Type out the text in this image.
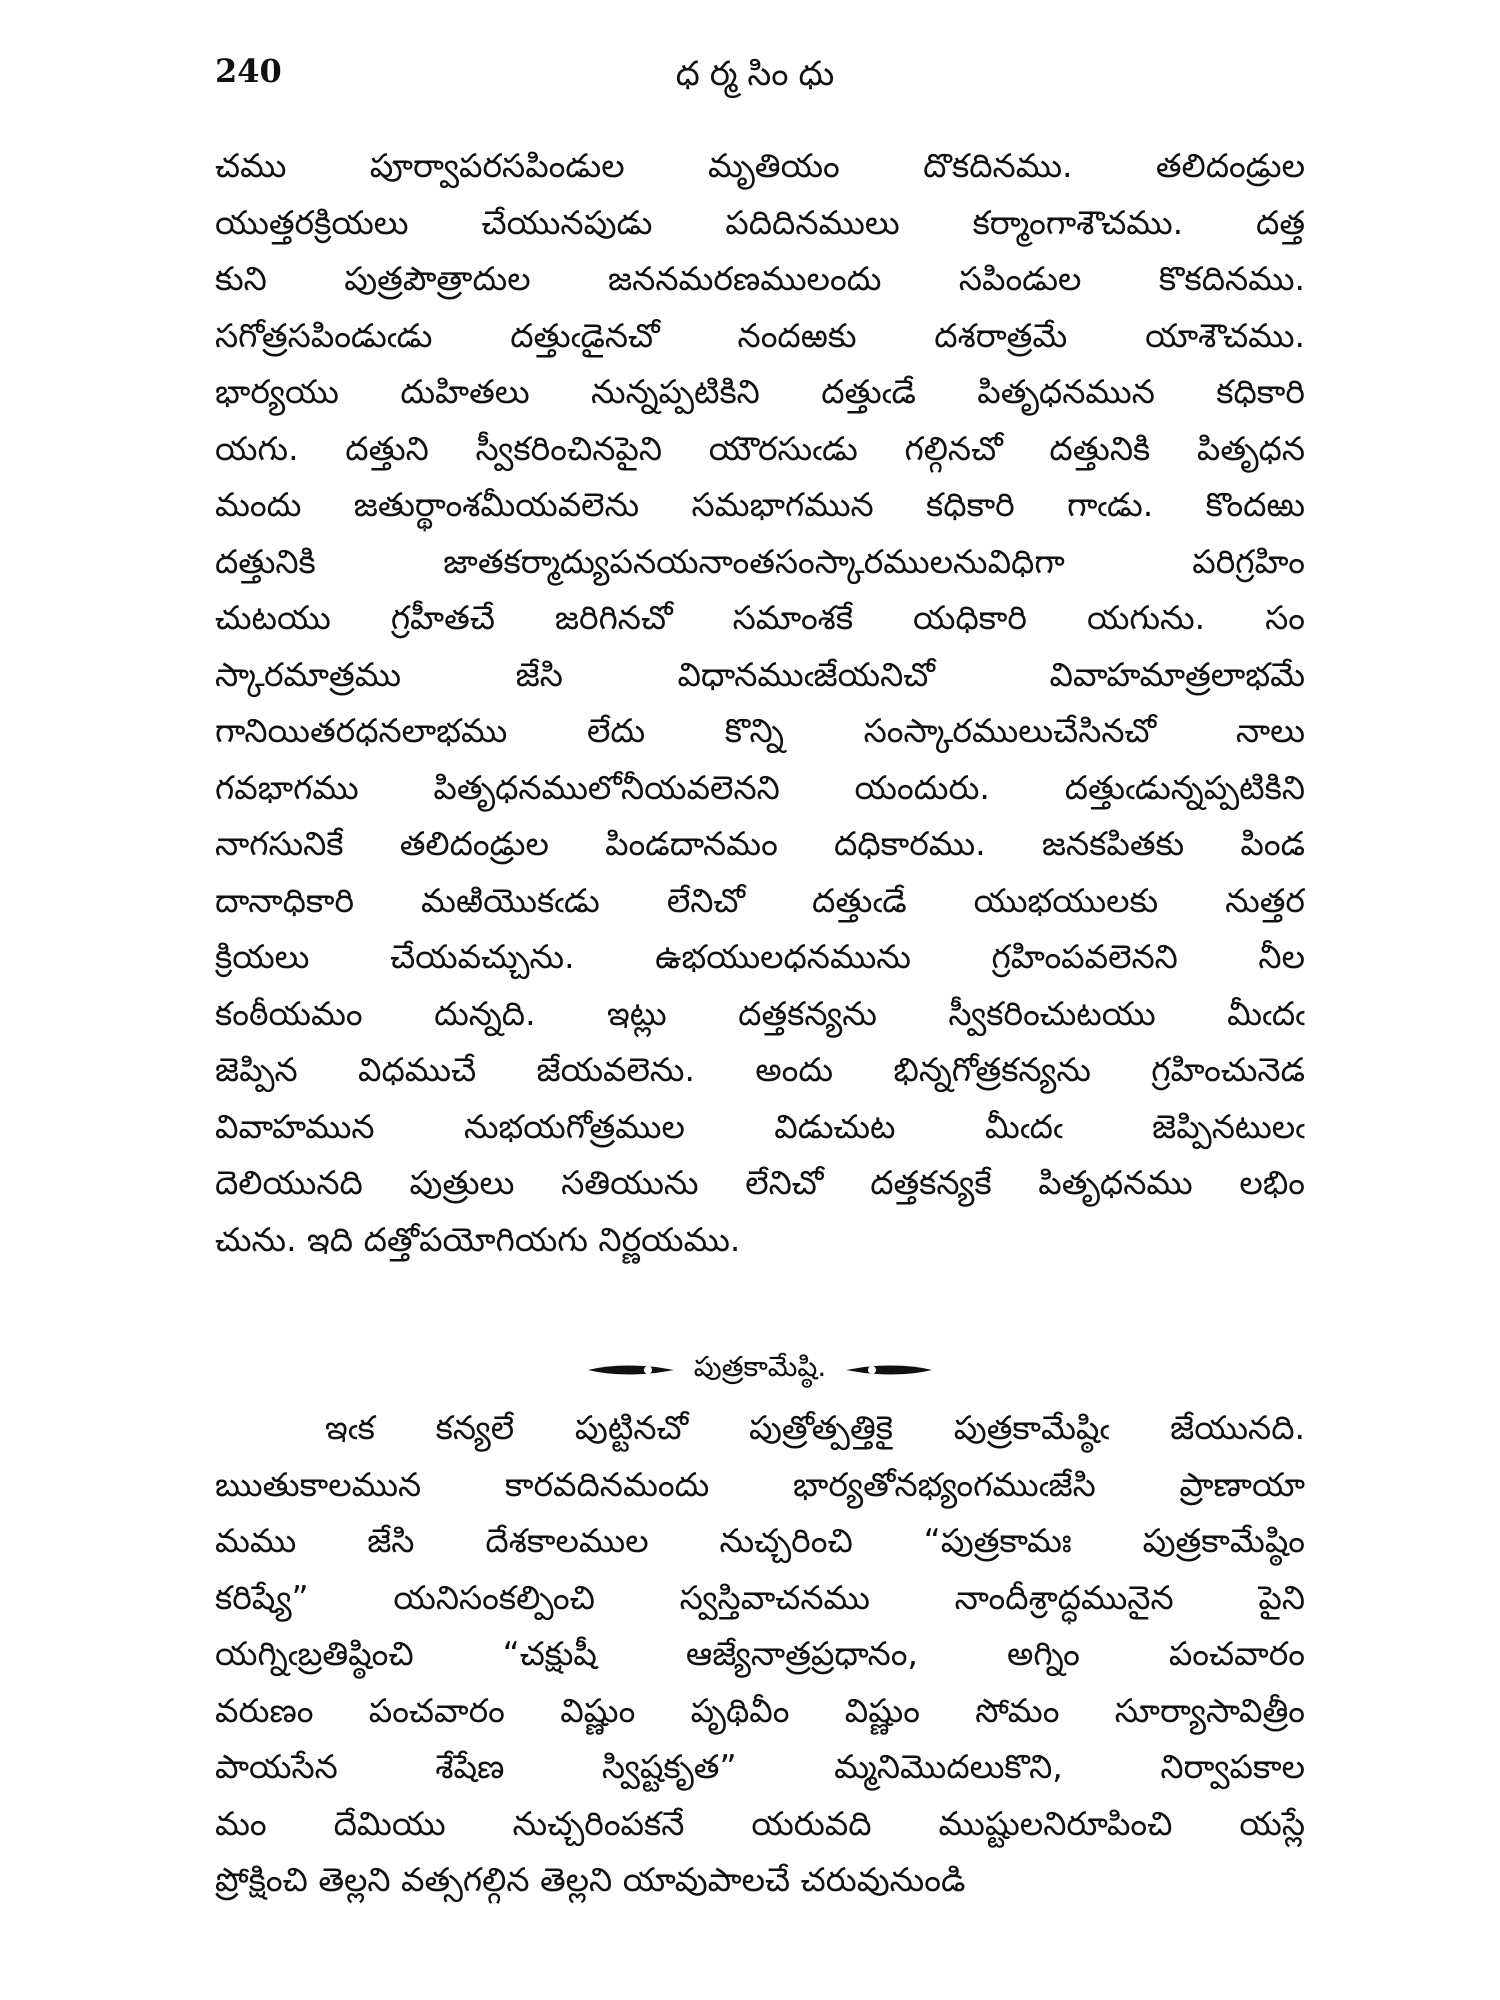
240	ధర్మసింధు
చము పూర్వాపరసపిండుల మృతియం దొకదినము. తలిదండ్రుల
యుత్తరక్రియలు చేయునపుడు పదిదినములు కర్మాంగాశౌచము. దత్త
కుని పుత్రపౌత్రాదుల జననమరణములందు సపిండుల కొకదినము.
సగోత్రసపిండుఁడు దత్తుఁడైనచో నందఱకు దశరాత్రమే యాశౌచము.
భార్యయు దుహితలు నున్నప్పటికిని దత్తుఁడే పితృధనమున కధికారి
యగు. దత్తుని స్వీకరించినపైని యౌరసుఁడు గల్గినచో దత్తునికి పితృధన
మందు జతుర్థాంశమీయవలెను సమభాగమున కధికారి గాఁడు. కొందఱు
దత్తునికి జాతకర్మాద్యుపనయనాంతసంస్కారములనువిధిగా పరిగ్రహిం
చుటయు గ్రహీతచే జరిగినచో సమాంశకే యధికారి యగును. సం
స్కారమాత్రము జేసి విధానముఁజేయనిచో వివాహమాత్రలాభమే
గానియితరధనలాభము లేదు కొన్ని సంస్కారములుచేసినచో నాలు
గవభాగము పితృధనములోనీయవలెనని యందురు. దత్తుఁడున్నప్పటికిని
నాగసునికే తలిదండ్రుల పిండదానమం దధికారము. జనకపితకు పిండ
దానాధికారి మఱియొకఁడు లేనిచో దత్తుఁడే యుభయులకు నుత్తర
క్రియలు చేయవచ్చును. ఉభయులధనమును గ్రహింపవలెనని నీల
కంఠీయమం దున్నది. ఇట్లు దత్తకన్యను స్వీకరించుటయు మీఁదఁ
జెప్పిన విధముచే జేయవలెను. అందు భిన్నగోత్రకన్యను గ్రహించునెడ
వివాహమున నుభయగోత్రముల విడుచుట మీఁదఁ జెప్పినటులఁ
దెలియునది పుత్రులు సతియును లేనిచో దత్తకన్యకే పితృధనము లభిం
చును. ఇది దత్తోపయోగియగు నిర్ణయము.
పుత్రకామేష్ఠి.
ఇఁక కన్యలే పుట్టినచో పుత్రోత్పత్తికై పుత్రకామేష్ఠిఁ జేయునది.
ఋతుకాలమున కారవదినమందు భార్యతోనభ్యంగముఁజేసి ప్రాణాయా
మము జేసి దేశకాలముల నుచ్చరించి “పుత్రకామః పుత్రకామేష్ఠిం
కరిష్యే” యనిసంకల్పించి స్వస్తివాచనము నాందీశ్రాద్ధమునైన పైని
యగ్నిఁబ్రతిష్ఠించి “చక్షుషీ ఆజ్యేనాత్రప్రధానం, అగ్నిం పంచవారం
వరుణం పంచవారం విష్ణుం పృథివీం విష్ణుం సోమం సూర్యాసావిత్రీం
పాయసేన శేషేణ స్విష్టకృత” మ్మనిమొదలుకొని, నిర్వాపకాల
మం దేమియు నుచ్చరింపకనే యరువది ముష్టులనిరూపించి యస్లే
ప్రోక్షించి తెల్లని వత్సగల్గిన తెల్లని యావుపాలచే చరువునుండి
